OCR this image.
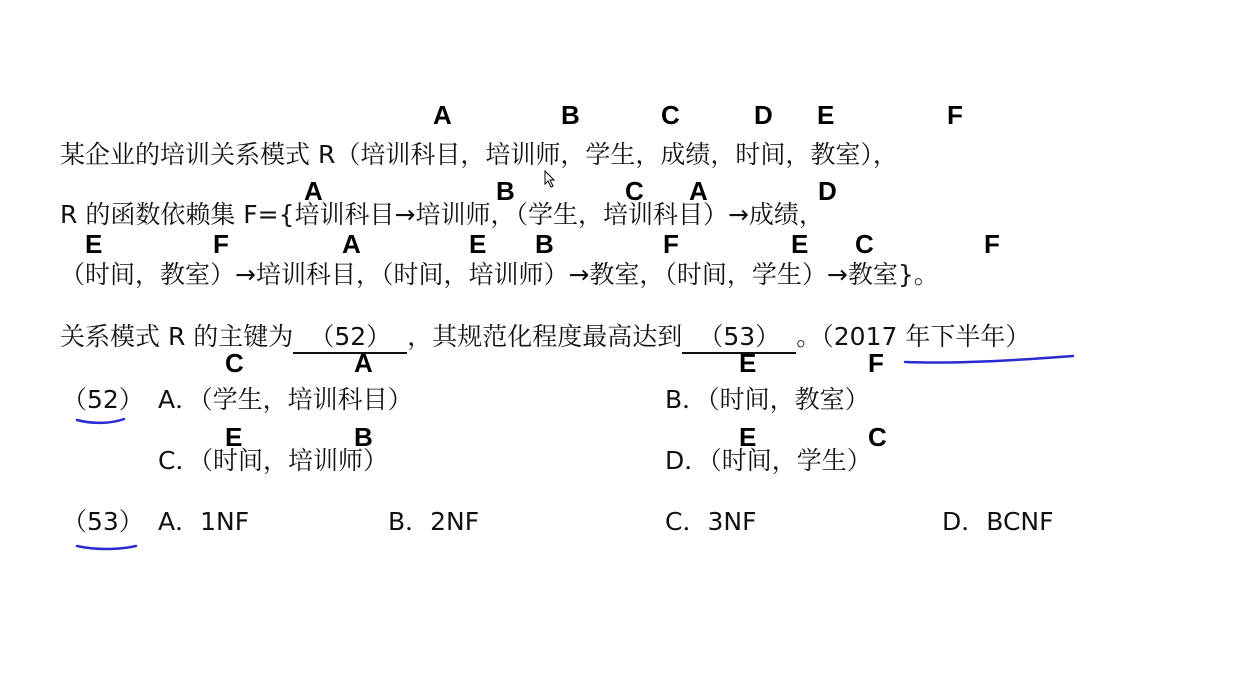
A	B	C	D E	F
某企业的培训关系模式 R（培训科目，培训师，学生，成绩，时间，教室），
A	B	C A	D
R 的函数依赖集 F={培训科目→培训师，（学生，培训科目）→成绩，
E	F	A	E B	F	E C	F
（时间，教室）→培训科目，（时间，培训师）→教室，（时间，学生）→教室}。
关系模式 R 的主键为 （52） ，其规范化程度最高达到 （53） 。（2017 年下半年）
C	A	E	F
（52） A．（学生，培训科目）	B．（时间，教室）
E	B	E	C
C．（时间，培训师）	D．（时间，学生）
（53） A．1NF	B．2NF	C．3NF	D．BCNF
